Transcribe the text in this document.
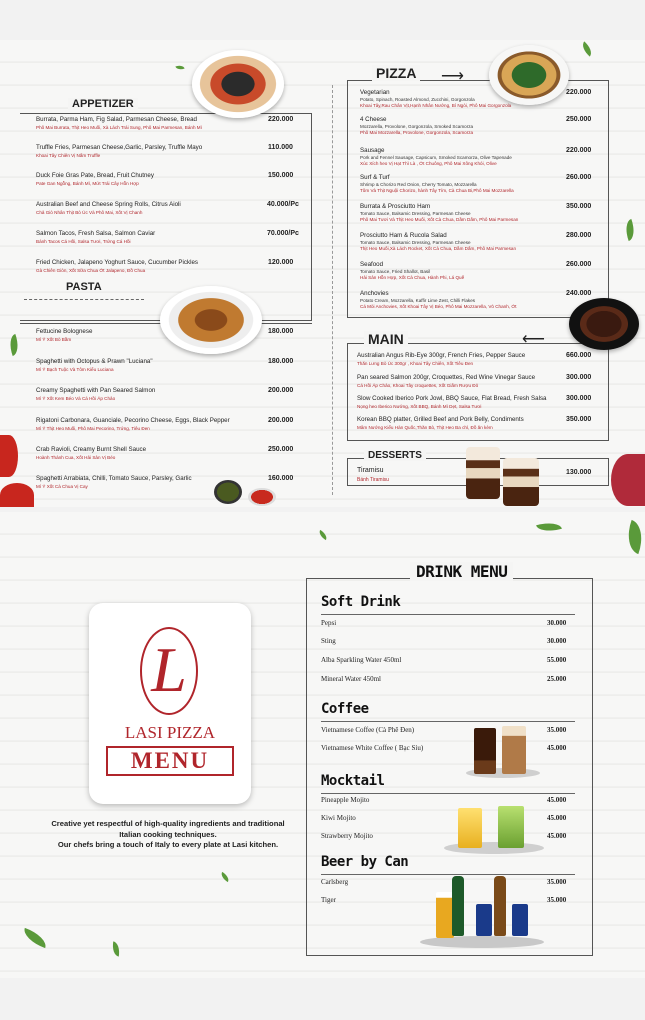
APPETIZER
Burrata, Parma Ham, Fig Salad, Parmesan Cheese, Bread
Phô Mai Burrata, Thịt Heo Muối, Xà Lách Trái Sung, Phô Mai Parmesan, Bánh Mì
220.000
Truffle Fries, Parmesan Cheese,Garlic, Parsley, Truffle Mayo
Khoai Tây Chiên Vị Nấm Truffle
110.000
Duck Foie Gras Pate, Bread, Fruit Chutney
Pate Gan Ngỗng, Bánh Mì, Mứt Trái Cây Hỗn Hợp
150.000
Australian Beef and Cheese Spring Rolls, Citrus Aioli
Chả Giò Nhân Thịt Bò Úc Và Phô Mai, Xốt Vị Chanh
40.000/Pc
Salmon Tacos, Fresh Salsa, Salmon Caviar
Bánh Tacos Cá Hồi, Salsa Tươi, Trứng Cá Hồi
70.000/Pc
Fried Chicken, Jalapeno Yoghurt Sauce, Cucumber Pickles
Gà Chiên Giòn, Xốt Sữa Chua Ớt Jalapeno, Đồ Chua
120.000
PASTA
Fettucine Bolognese
Mì Ý Xốt Bò Bằm
180.000
Spaghetti with Octopus & Prawn "Luciana"
Mì Ý Bạch Tuộc Và Tôm Kiểu Luciana
180.000
Creamy Spaghetti with Pan Seared Salmon
Mì Ý Xốt Kem Béo Và Cá Hồi Áp Chảo
200.000
Rigatoni Carbonara, Guanciale, Pecorino Cheese, Eggs, Black Pepper
Mì Ý Thịt Heo Muối, Phô Mai Pecorino, Trứng, Tiêu Đen
200.000
Crab Ravioli, Creamy Burnt Shell Sauce
Hoành Thánh Cua, Xốt Hải Sản Vị Béo
250.000
Spaghetti Arrabiata, Chilli, Tomato Sauce, Parsley, Garlic
Mì Ý Xốt Cà Chua Vị Cay
160.000
PIZZA
Vegetarian
Potato, Spinach, Roasted Almond, Zucchini, Gorgonzola
Khoai Tây,Rau Chân Vịt,Hạnh Nhân Nướng, Bí Ngòi, Phô Mai Gorgonzola
220.000
4 Cheese
Mozzarella, Provolone, Gorgonzola, Smoked Scamorza
Phô Mai Mozzarella, Provolone, Gorgonzola, Scamorza
250.000
Sausage
Pork and Fennel Sausage, Capsicum, Smoked Scamorza, Olive Tapenade
Xúc Xích heo Vị Hạt Thì Là , Ớt Chuông, Phô Mai Xông Khói, Olive
220.000
Surf & Turf
Shrimp & Chorizo Red Onion, Cherry Tomato, Mozzarella
Tôm Và Thịt Nguội Chorizo, hành Tây Tím, Cà Chua Bi,Phô Mai Mozzarella
260.000
Burrata & Prosciutto Ham
Tomato Sauce, Balsamic Dressing, Parmesan Cheese
Phô Mai Tươi Và Thịt Heo Muối, Xốt Cà Chua, Dầm Dấm, Phô Mai Parmesan
350.000
Prosciutto Ham & Rucola Salad
Tomato Sauce, Balsamic Dressing, Parmesan Cheese
Thịt Heo Muối,Xà Lách Rocket, Xốt Cà Chua, Dầm Dấm, Phô Mai Parmesan
280.000
Seafood
Tomato Sauce, Fried Shallot, Basil
Hải Sản Hỗn Hợp, Xốt Cà Chua, Hành Phi, Lá Quế
260.000
Anchovies
Potato Cream, Mozzarella, Kaffir Lime Zest, Chilli Flakes
Cá Mòi Anchovies, Xốt Khoai Tây Vị Béo, Phô Mai Mozzarella, Vỏ Chanh, Ớt
240.000
⟶
MAIN
Australian Angus Rib-Eye 300gr, French Fries, Pepper Sauce
Thăn Lưng Bò Úc 300gr , Khoai Tây Chiên, Xốt Tiêu Đen
660.000
Pan seared Salmon 200gr, Croquettes, Red Wine Vinegar Sauce
Cá Hồi Áp Chảo, Khoai Tây croquettes, Xốt Giấm Rượu Đỏ
300.000
Slow Cooked Iberico Pork Jowl, BBQ Sauce, Flat Bread, Fresh Salsa
Nọng heo Iberico Nướng, Xốt BBQ, Bánh Mì Dẹt, Salsa Tươi
300.000
Korean BBQ platter, Grilled Beef and Pork Belly, Condiments
Mâm Nướng Kiểu Hàn Quốc,Thăn Bò, Thịt Heo Ba chỉ, Đồ ăn kèm
350.000
⟵
DESSERTS
Tiramisu
Bánh Tiramisu
130.000
L
LASI PIZZA
MENU
Creative yet respectful of high-quality ingredients and traditional
Italian cooking techniques.
Our chefs bring a touch of Italy to every plate at Lasi kitchen.
DRINK MENU
Soft Drink
Pepsi	30.000
Sting	30.000
Alba Sparkling Water 450ml	55.000
Mineral Water 450ml	25.000
Coffee
Vietnamese Coffee (Cà Phê Đen)	35.000
Vietnamese White Coffee ( Bạc Sỉu)	45.000
Mocktail
Pineapple Mojito	45.000
Kiwi Mojito	45.000
Strawberry Mojito	45.000
Beer by Can
Carlsberg	35.000
Tiger	35.000
